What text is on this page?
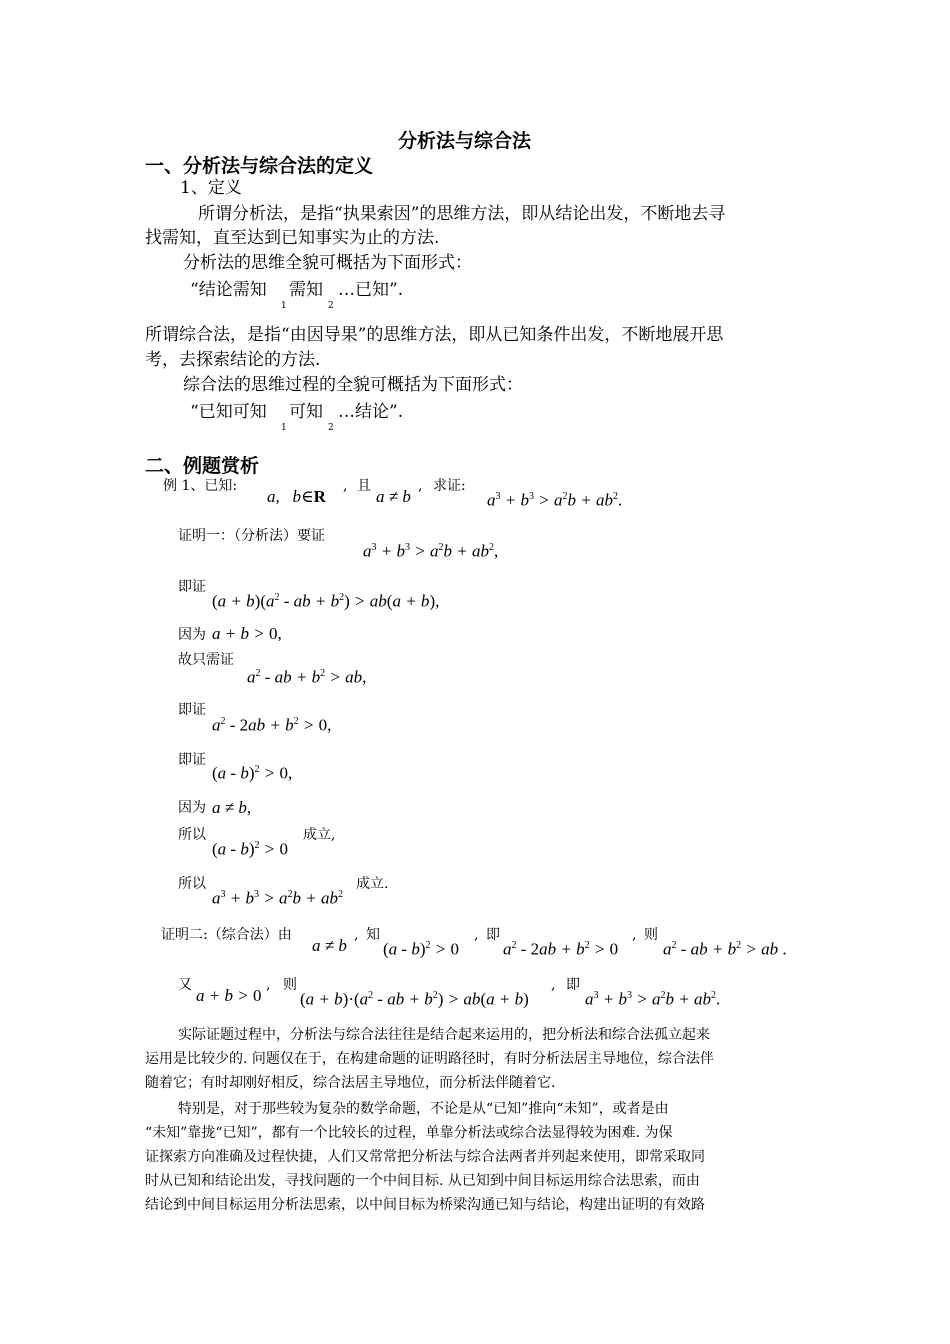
分析法与综合法
一、分析法与综合法的定义
1、定义
所谓分析法，是指“执果索因”的思维方法，即从结论出发，不断地去寻
找需知，直至达到已知事实为止的方法.
分析法的思维全貌可概括为下面形式：
“结论需知
1
需知
2
…已知”.
所谓综合法，是指“由因导果”的思维方法，即从已知条件出发，不断地展开思
考，去探索结论的方法.
综合法的思维过程的全貌可概括为下面形式：
“已知可知
1
可知
2
…结论”.
二、例题赏析
例 1、已知:
a,   b∈R
, 且
a ≠ b
, 求证:
$a^3 + b^3 > a^2b + ab^2$.
证明一：（分析法）要证
$a^3 + b^3 > a^2b + ab^2$,
即证
$(a + b)(a^2$ - ab + $b^2) > ab(a + b)$,
因为 a + b > 0,
故只需证
$a^2$ - ab + $b^2$ > ab,
即证
$a^2 - 2ab + b^2 > 0$,
即证
(a - b)$^2$ > 0,
因为 a ≠ b,
所以
(a - b)$^2$ > 0
成立,
所以
$a^3 + b^3 > a^2b + ab^2$
成立.
证明二:（综合法）由
a ≠ b
, 知
(a - b)$^2$ > 0
, 即
$a^2 - 2ab + b^2 > 0$
, 则
$a^2$ - ab + $b^2$ > ab .
又
a + b > 0
, 则
$(a + b)\cdot(a^2$ - ab + $b^2) > ab(a + b)$
, 即
$a^3 + b^3 > a^2b + ab^2$.
实际证题过程中，分析法与综合法往往是结合起来运用的，把分析法和综合法孤立起来
运用是比较少的. 问题仅在于，在构建命题的证明路径时，有时分析法居主导地位，综合法伴
随着它；有时却刚好相反，综合法居主导地位，而分析法伴随着它.
特别是，对于那些较为复杂的数学命题，不论是从“已知”推向“未知”，或者是由
“未知”靠拢“已知”，都有一个比较长的过程，单靠分析法或综合法显得较为困难. 为保
证探索方向准确及过程快捷，人们又常常把分析法与综合法两者并列起来使用，即常采取同
时从已知和结论出发，寻找问题的一个中间目标. 从已知到中间目标运用综合法思索，而由
结论到中间目标运用分析法思索，以中间目标为桥梁沟通已知与结论，构建出证明的有效路
